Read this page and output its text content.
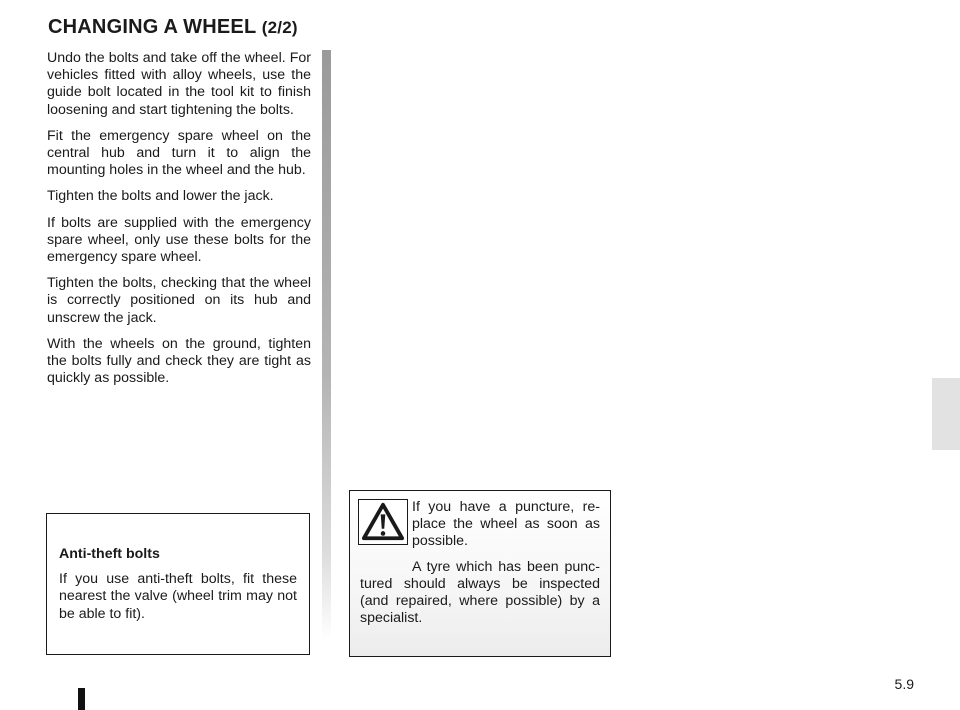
CHANGING A WHEEL (2/2)

Undo the bolts and take off the wheel. For vehicles fitted with alloy wheels, use the guide bolt located in the tool kit to finish loosening and start tightening the bolts.

Fit the emergency spare wheel on the central hub and turn it to align the mounting holes in the wheel and the hub.

Tighten the bolts and lower the jack.

If bolts are supplied with the emergency spare wheel, only use these bolts for the emergency spare wheel.

Tighten the bolts, checking that the wheel is correctly positioned on its hub and unscrew the jack.

With the wheels on the ground, tighten the bolts fully and check they are tight as quickly as possible.

Anti-theft bolts

If you use anti-theft bolts, fit these nearest the valve (wheel trim may not be able to fit).

If you have a puncture, re-place the wheel as soon as possible.

A tyre which has been punc-tured should always be inspected (and repaired, where possible) by a specialist.

5.9
